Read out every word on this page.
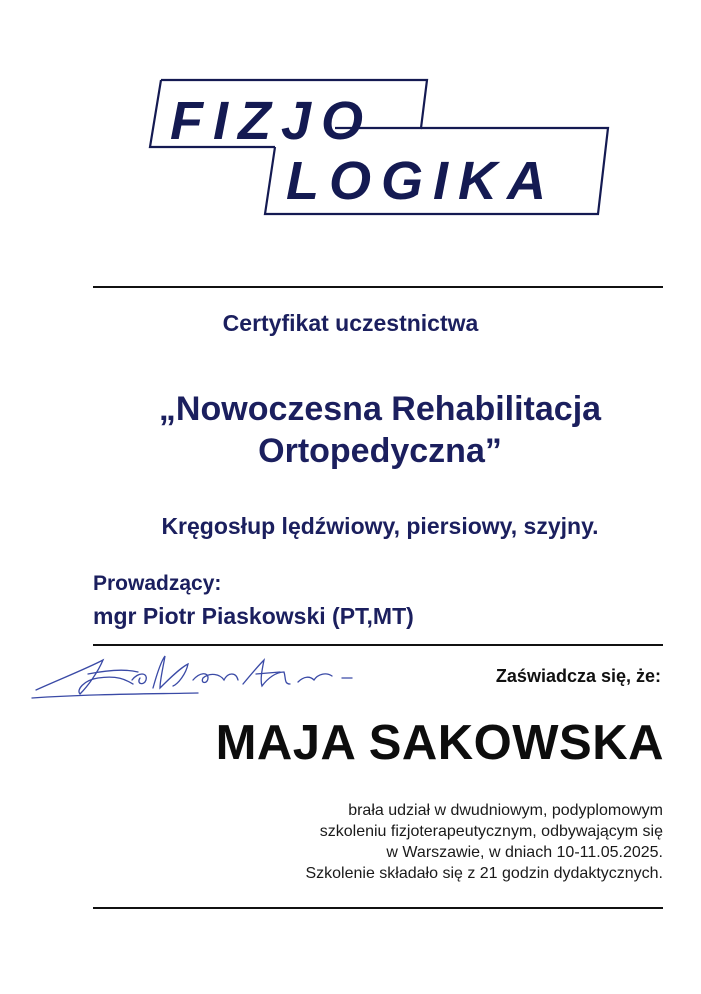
FIZJO
LOGIKA
Certyfikat uczestnictwa
„Nowoczesna Rehabilitacja
Ortopedyczna”
Kręgosłup lędźwiowy, piersiowy, szyjny.
Prowadzący:
mgr Piotr Piaskowski (PT,MT)
Zaświadcza się, że:
MAJA SAKOWSKA
brała udział w dwudniowym, podyplomowym
szkoleniu fizjoterapeutycznym, odbywającym się
w Warszawie, w dniach 10-11.05.2025.
Szkolenie składało się z 21 godzin dydaktycznych.
